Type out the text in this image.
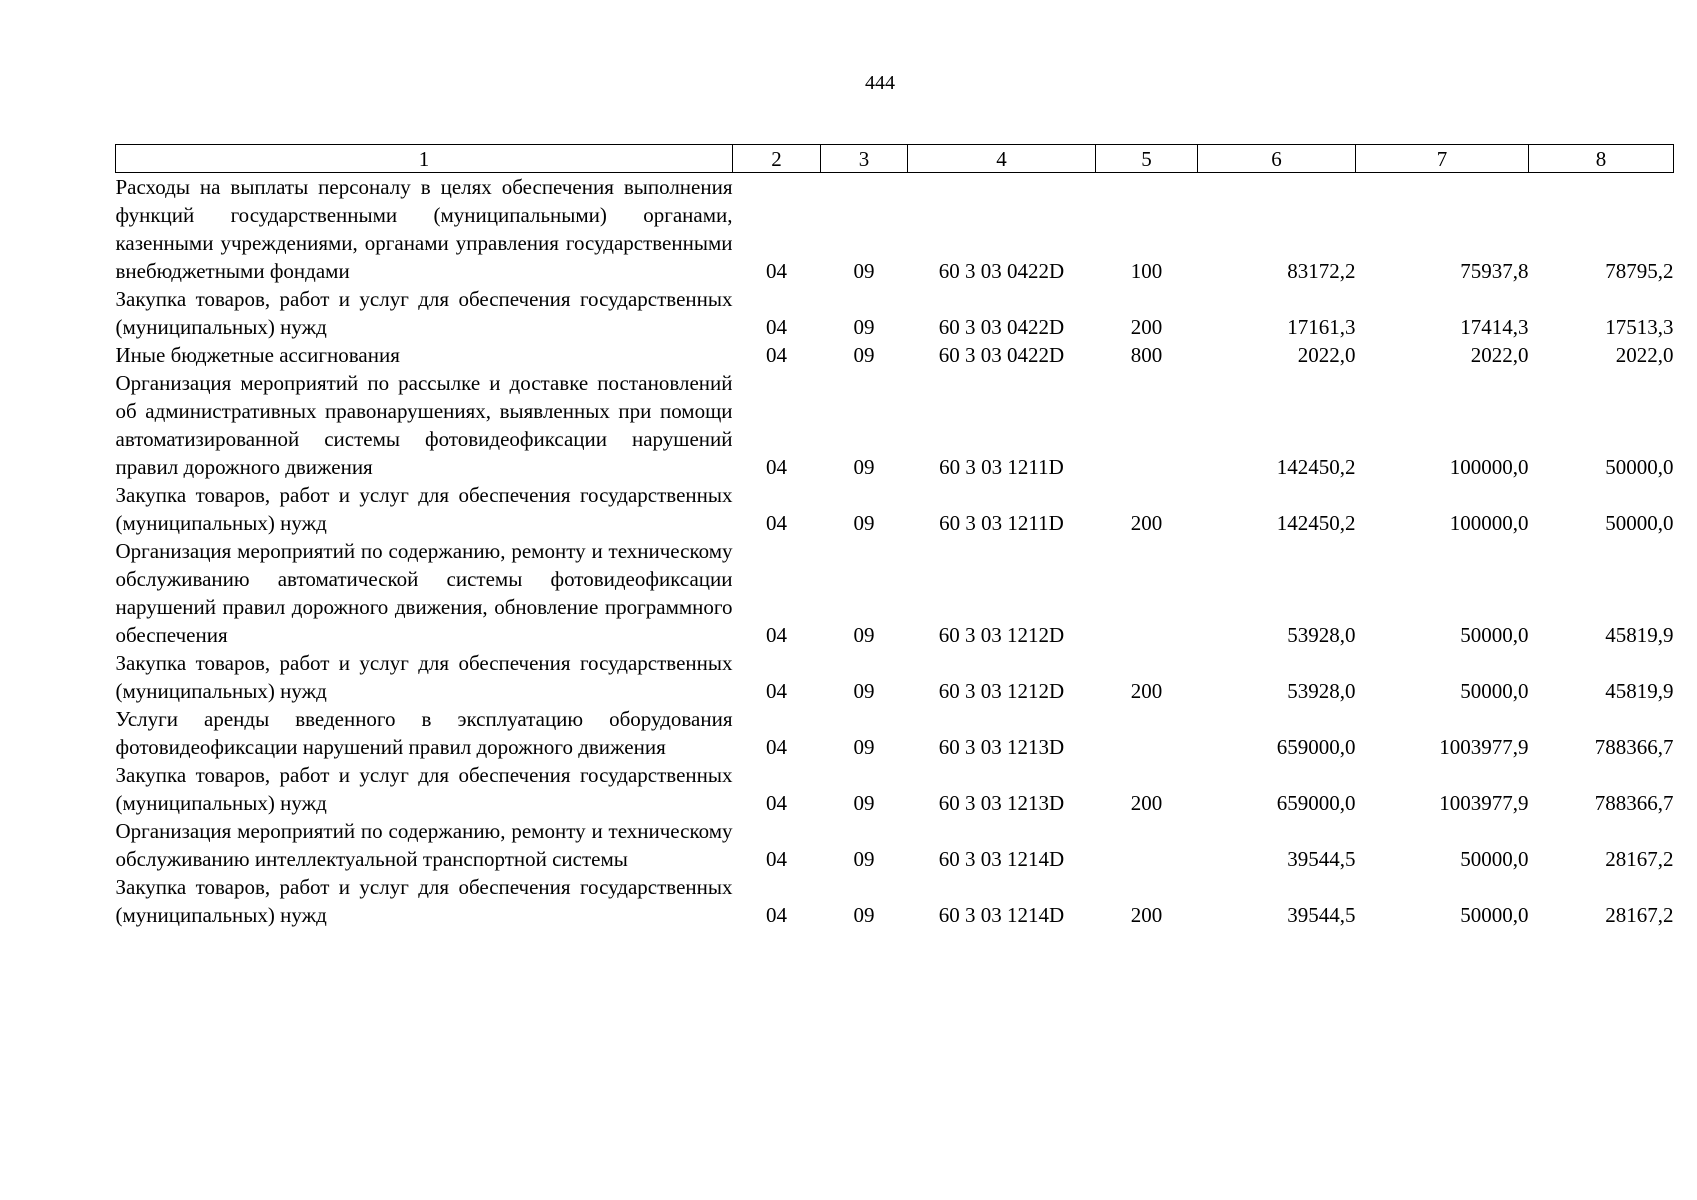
444
1	2	3	4	5	6	7	8
Расходы на выплаты персоналу в целях обеспечения выполнения функций государственными (муниципальными) органами, казенными учреждениями, органами управления государственными внебюджетными фондами	04	09	60 3 03 0422D	100	83172,2	75937,8	78795,2
Закупка товаров, работ и услуг для обеспечения государственных (муниципальных) нужд	04	09	60 3 03 0422D	200	17161,3	17414,3	17513,3
Иные бюджетные ассигнования	04	09	60 3 03 0422D	800	2022,0	2022,0	2022,0
Организация мероприятий по рассылке и доставке постановлений об административных правонарушениях, выявленных при помощи автоматизированной системы фотовидеофиксации нарушений правил дорожного движения	04	09	60 3 03 1211D		142450,2	100000,0	50000,0
Закупка товаров, работ и услуг для обеспечения государственных (муниципальных) нужд	04	09	60 3 03 1211D	200	142450,2	100000,0	50000,0
Организация мероприятий по содержанию, ремонту и техническому обслуживанию автоматической системы фотовидеофиксации нарушений правил дорожного движения, обновление программного обеспечения	04	09	60 3 03 1212D		53928,0	50000,0	45819,9
Закупка товаров, работ и услуг для обеспечения государственных (муниципальных) нужд	04	09	60 3 03 1212D	200	53928,0	50000,0	45819,9
Услуги аренды введенного в эксплуатацию оборудования фотовидеофиксации нарушений правил дорожного движения	04	09	60 3 03 1213D		659000,0	1003977,9	788366,7
Закупка товаров, работ и услуг для обеспечения государственных (муниципальных) нужд	04	09	60 3 03 1213D	200	659000,0	1003977,9	788366,7
Организация мероприятий по содержанию, ремонту и техническому обслуживанию интеллектуальной транспортной системы	04	09	60 3 03 1214D		39544,5	50000,0	28167,2
Закупка товаров, работ и услуг для обеспечения государственных (муниципальных) нужд	04	09	60 3 03 1214D	200	39544,5	50000,0	28167,2
